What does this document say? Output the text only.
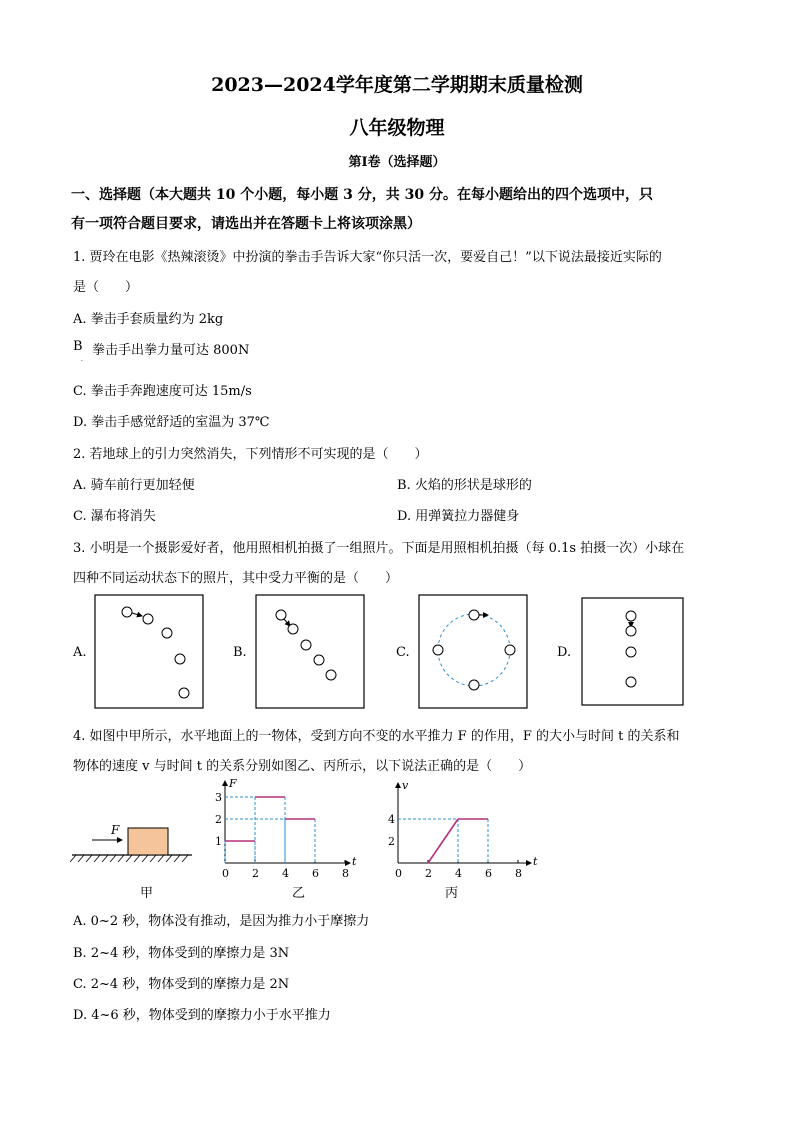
2023—2024学年度第二学期期末质量检测
八年级物理
第Ⅰ卷（选择题）
一、选择题（本大题共 10 个小题，每小题 3 分，共 30 分。在每小题给出的四个选项中，只
有一项符合题目要求，请选出并在答题卡上将该项涂黑）
1. 贾玲在电影《热辣滚烫》中扮演的拳击手告诉大家“你只活一次，要爱自己！”以下说法最接近实际的
是（　　）
A. 拳击手套质量约为 2kg
B
.
拳击手出拳力量可达 800N
C. 拳击手奔跑速度可达 15m/s
D. 拳击手感觉舒适的室温为 37℃
2. 若地球上的引力突然消失，下列情形不可实现的是（　　）
A. 骑车前行更加轻便	B. 火焰的形状是球形的
C. 瀑布将消失	D. 用弹簧拉力器健身
3. 小明是一个摄影爱好者，他用照相机拍摄了一组照片。下面是用照相机拍摄（每 0.1s 拍摄一次）小球在
四种不同运动状态下的照片，其中受力平衡的是（　　）
A.	B.	C.	D.
4. 如图中甲所示，水平地面上的一物体，受到方向不变的水平推力 F 的作用，F 的大小与时间 t 的关系和
物体的速度 v 与时间 t 的关系分别如图乙、丙所示，以下说法正确的是（　　）
F
甲
t
F
0 2 4 6 8
1
2
3
乙
t
v
0 2 4 6 8
2
4
丙
A. 0~2 秒，物体没有推动，是因为推力小于摩擦力
B. 2~4 秒，物体受到的摩擦力是 3N
C. 2~4 秒，物体受到的摩擦力是 2N
D. 4~6 秒，物体受到的摩擦力小于水平推力
